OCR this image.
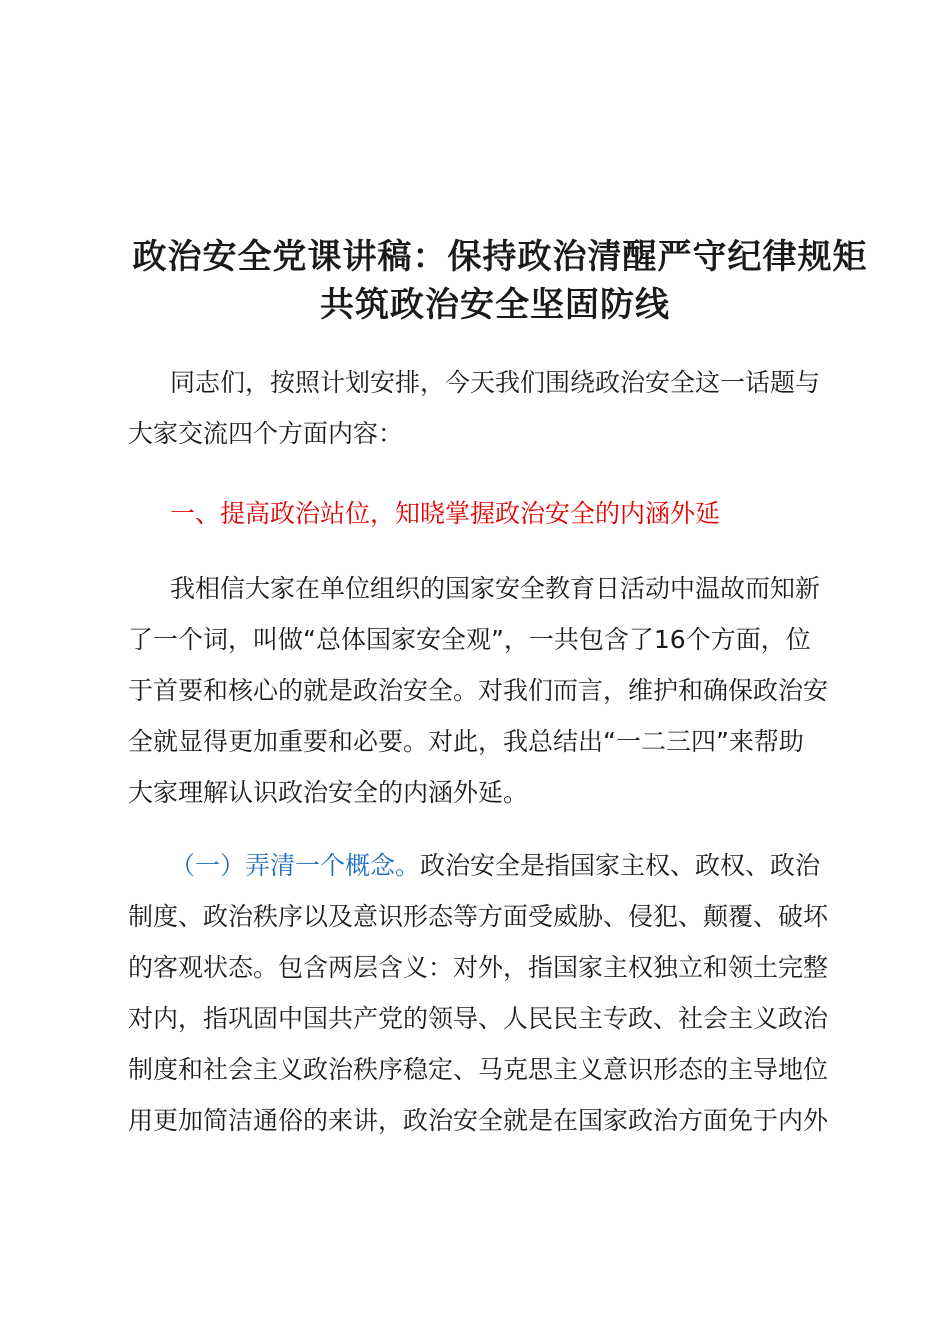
政治安全党课讲稿：保持政治清醒严守纪律规矩
共筑政治安全坚固防线
同志们，按照计划安排，今天我们围绕政治安全这一话题与
大家交流四个方面内容：
一、提高政治站位，知晓掌握政治安全的内涵外延
我相信大家在单位组织的国家安全教育日活动中温故而知新
了一个词，叫做“总体国家安全观”，一共包含了16个方面，位
于首要和核心的就是政治安全。对我们而言，维护和确保政治安
全就显得更加重要和必要。对此，我总结出“一二三四”来帮助
大家理解认识政治安全的内涵外延。
（一）弄清一个概念。政治安全是指国家主权、政权、政治
制度、政治秩序以及意识形态等方面受威胁、侵犯、颠覆、破坏
的客观状态。包含两层含义：对外，指国家主权独立和领土完整
对内，指巩固中国共产党的领导、人民民主专政、社会主义政治
制度和社会主义政治秩序稳定、马克思主义意识形态的主导地位
用更加简洁通俗的来讲，政治安全就是在国家政治方面免于内外
